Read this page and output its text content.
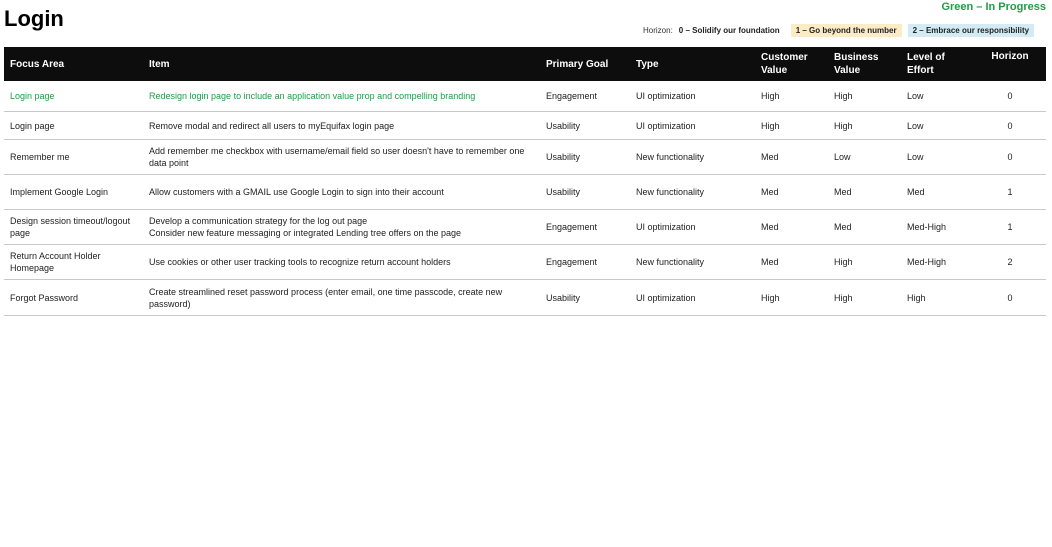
Login	Green – In Progress
Horizon: 0 – Solidify our foundation	1 – Go beyond the number	2 – Embrace our responsibility
Focus Area	Item	Primary Goal	Type	Customer Value	Business Value	Level of Effort	Horizon
Login page	Redesign login page to include an application value prop and compelling branding	Engagement	UI optimization	High	High	Low	0
Login page	Remove modal and redirect all users to myEquifax login page	Usability	UI optimization	High	High	Low	0
Remember me	Add remember me checkbox with username/email field so user doesn't have to remember one data point	Usability	New functionality	Med	Low	Low	0
Implement Google Login	Allow customers with a GMAIL use Google Login to sign into their account	Usability	New functionality	Med	Med	Med	1
Design session timeout/logout page	Develop a communication strategy for the log out page
Consider new feature messaging or integrated Lending tree offers on the page	Engagement	UI optimization	Med	Med	Med-High	1
Return Account Holder Homepage	Use cookies or other user tracking tools to recognize return account holders	Engagement	New functionality	Med	High	Med-High	2
Forgot Password	Create streamlined reset password process (enter email, one time passcode, create new password)	Usability	UI optimization	High	High	High	0
